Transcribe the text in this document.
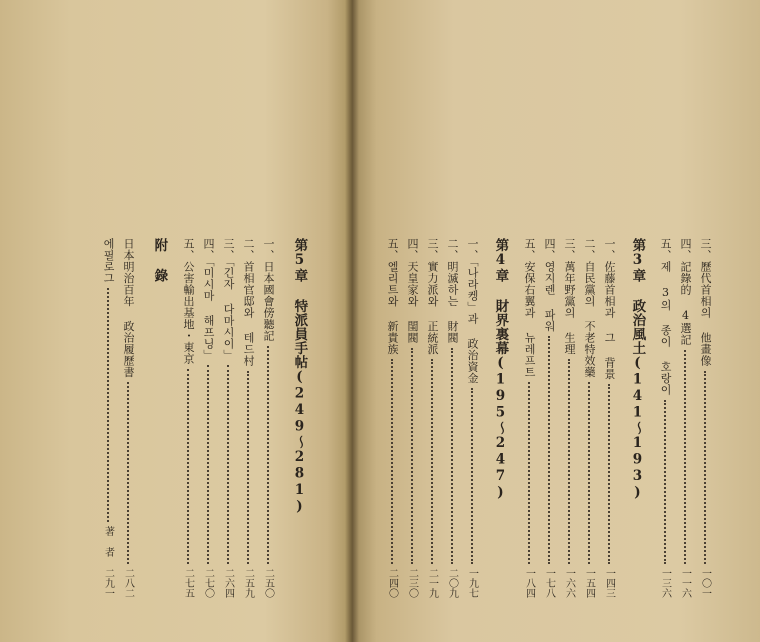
第5章 特派員手帖(249～281)
一、日本國會傍聽記
二五〇
二、首相官邸와 테드村
二五九
三、「긴자 다마시이」
二六四
四、「미시마 해프닝」
二七〇
五、公害輸出基地・東京
二七五
附 錄
日本明治百年 政治履歷書
二八二
에필로그
著 者 二九一
三、歷代首相의 他畫像
一〇一
四、記錄的 4選記
一一六
五、제 3의 종이 호랑이
一三六
第3章 政治風土(141～193)
一、佐藤首相과 그 背景
一四三
二、自民黨의 不老特效藥
一五四
三、萬年野黨의 生理
一六六
四、영지렌 파워
一七八
五、安保右翼과 뉴레프트
一八四
第4章 財界裏幕(195～247)
一、「나라켕」과 政治資金
一九七
二、明滅하는 財閥
二〇九
三、實力派와 正統派
二一九
四、天皇家와 閨閥
二三〇
五、엘리트와 新貴族
二四〇
